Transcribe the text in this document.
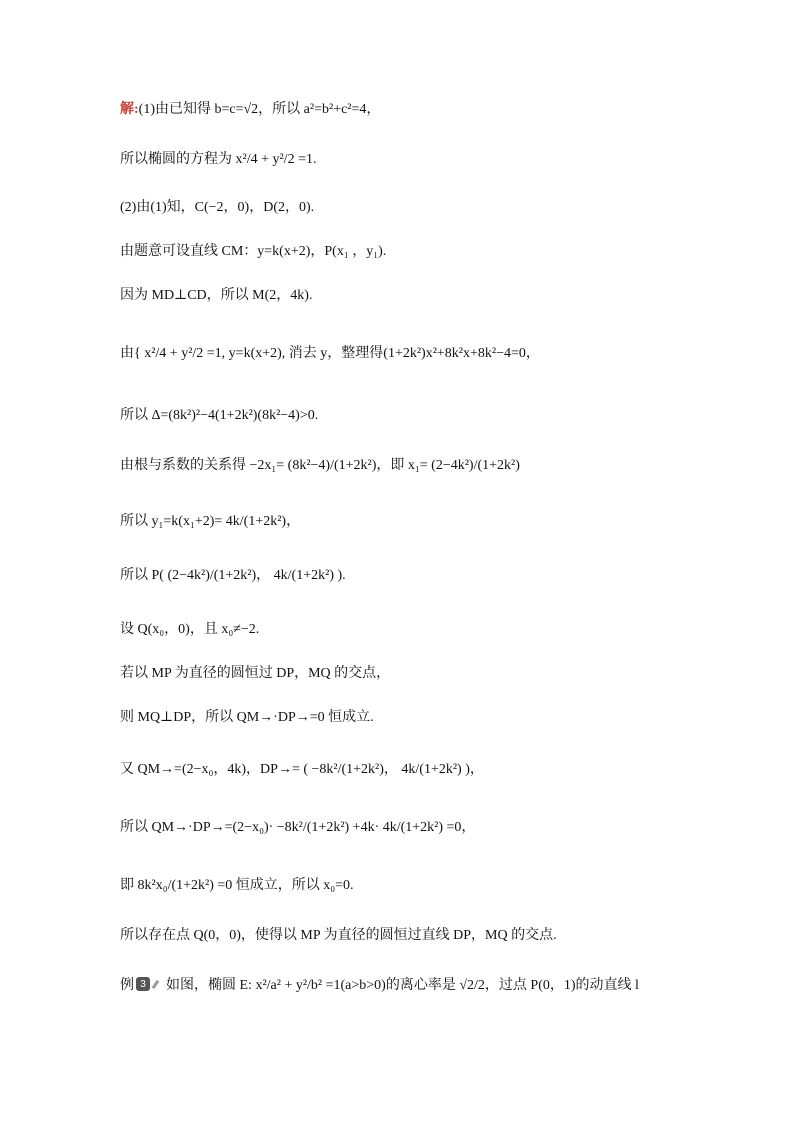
解: (1)由已知得 b=c=√2，所以 a²=b²+c²=4，
所以椭圆的方程为 x²/4 + y²/2 =1.
(2)由(1)知，C(−2，0)，D(2，0).
由题意可设直线 CM：y=k(x+2)，P(x₁ ，y₁).
因为 MD⊥CD，所以 M(2，4k).
由{ x²/4 + y²/2 =1, y=k(x+2), 消去 y，整理得(1+2k²)x²+8k²x+8k²−4=0，
所以 Δ=(8k²)²−4(1+2k²)(8k²−4)>0.
由根与系数的关系得 −2x₁= (8k²−4)/(1+2k²)，即 x₁= (2−4k²)/(1+2k²)
所以 y₁=k(x₁+2)= 4k/(1+2k²)，
所以 P( (2−4k²)/(1+2k²)， 4k/(1+2k²) ).
设 Q(x₀，0)，且 x₀≠−2.
若以 MP 为直径的圆恒过 DP，MQ 的交点，
则 MQ⊥DP，所以 QM→·DP→=0 恒成立.
又 QM→=(2−x₀，4k)，DP→= ( −8k²/(1+2k²)， 4k/(1+2k²) )，
所以 QM→·DP→=(2−x₀)· −8k²/(1+2k²) +4k· 4k/(1+2k²) =0，
即 8k²x₀/(1+2k²) =0 恒成立，所以 x₀=0.
所以存在点 Q(0，0)，使得以 MP 为直径的圆恒过直线 DP，MQ 的交点.
例 3	如图，椭圆 E: x²/a² + y²/b² =1(a>b>0)的离心率是 √2/2，过点 P(0，1)的动直线 l
